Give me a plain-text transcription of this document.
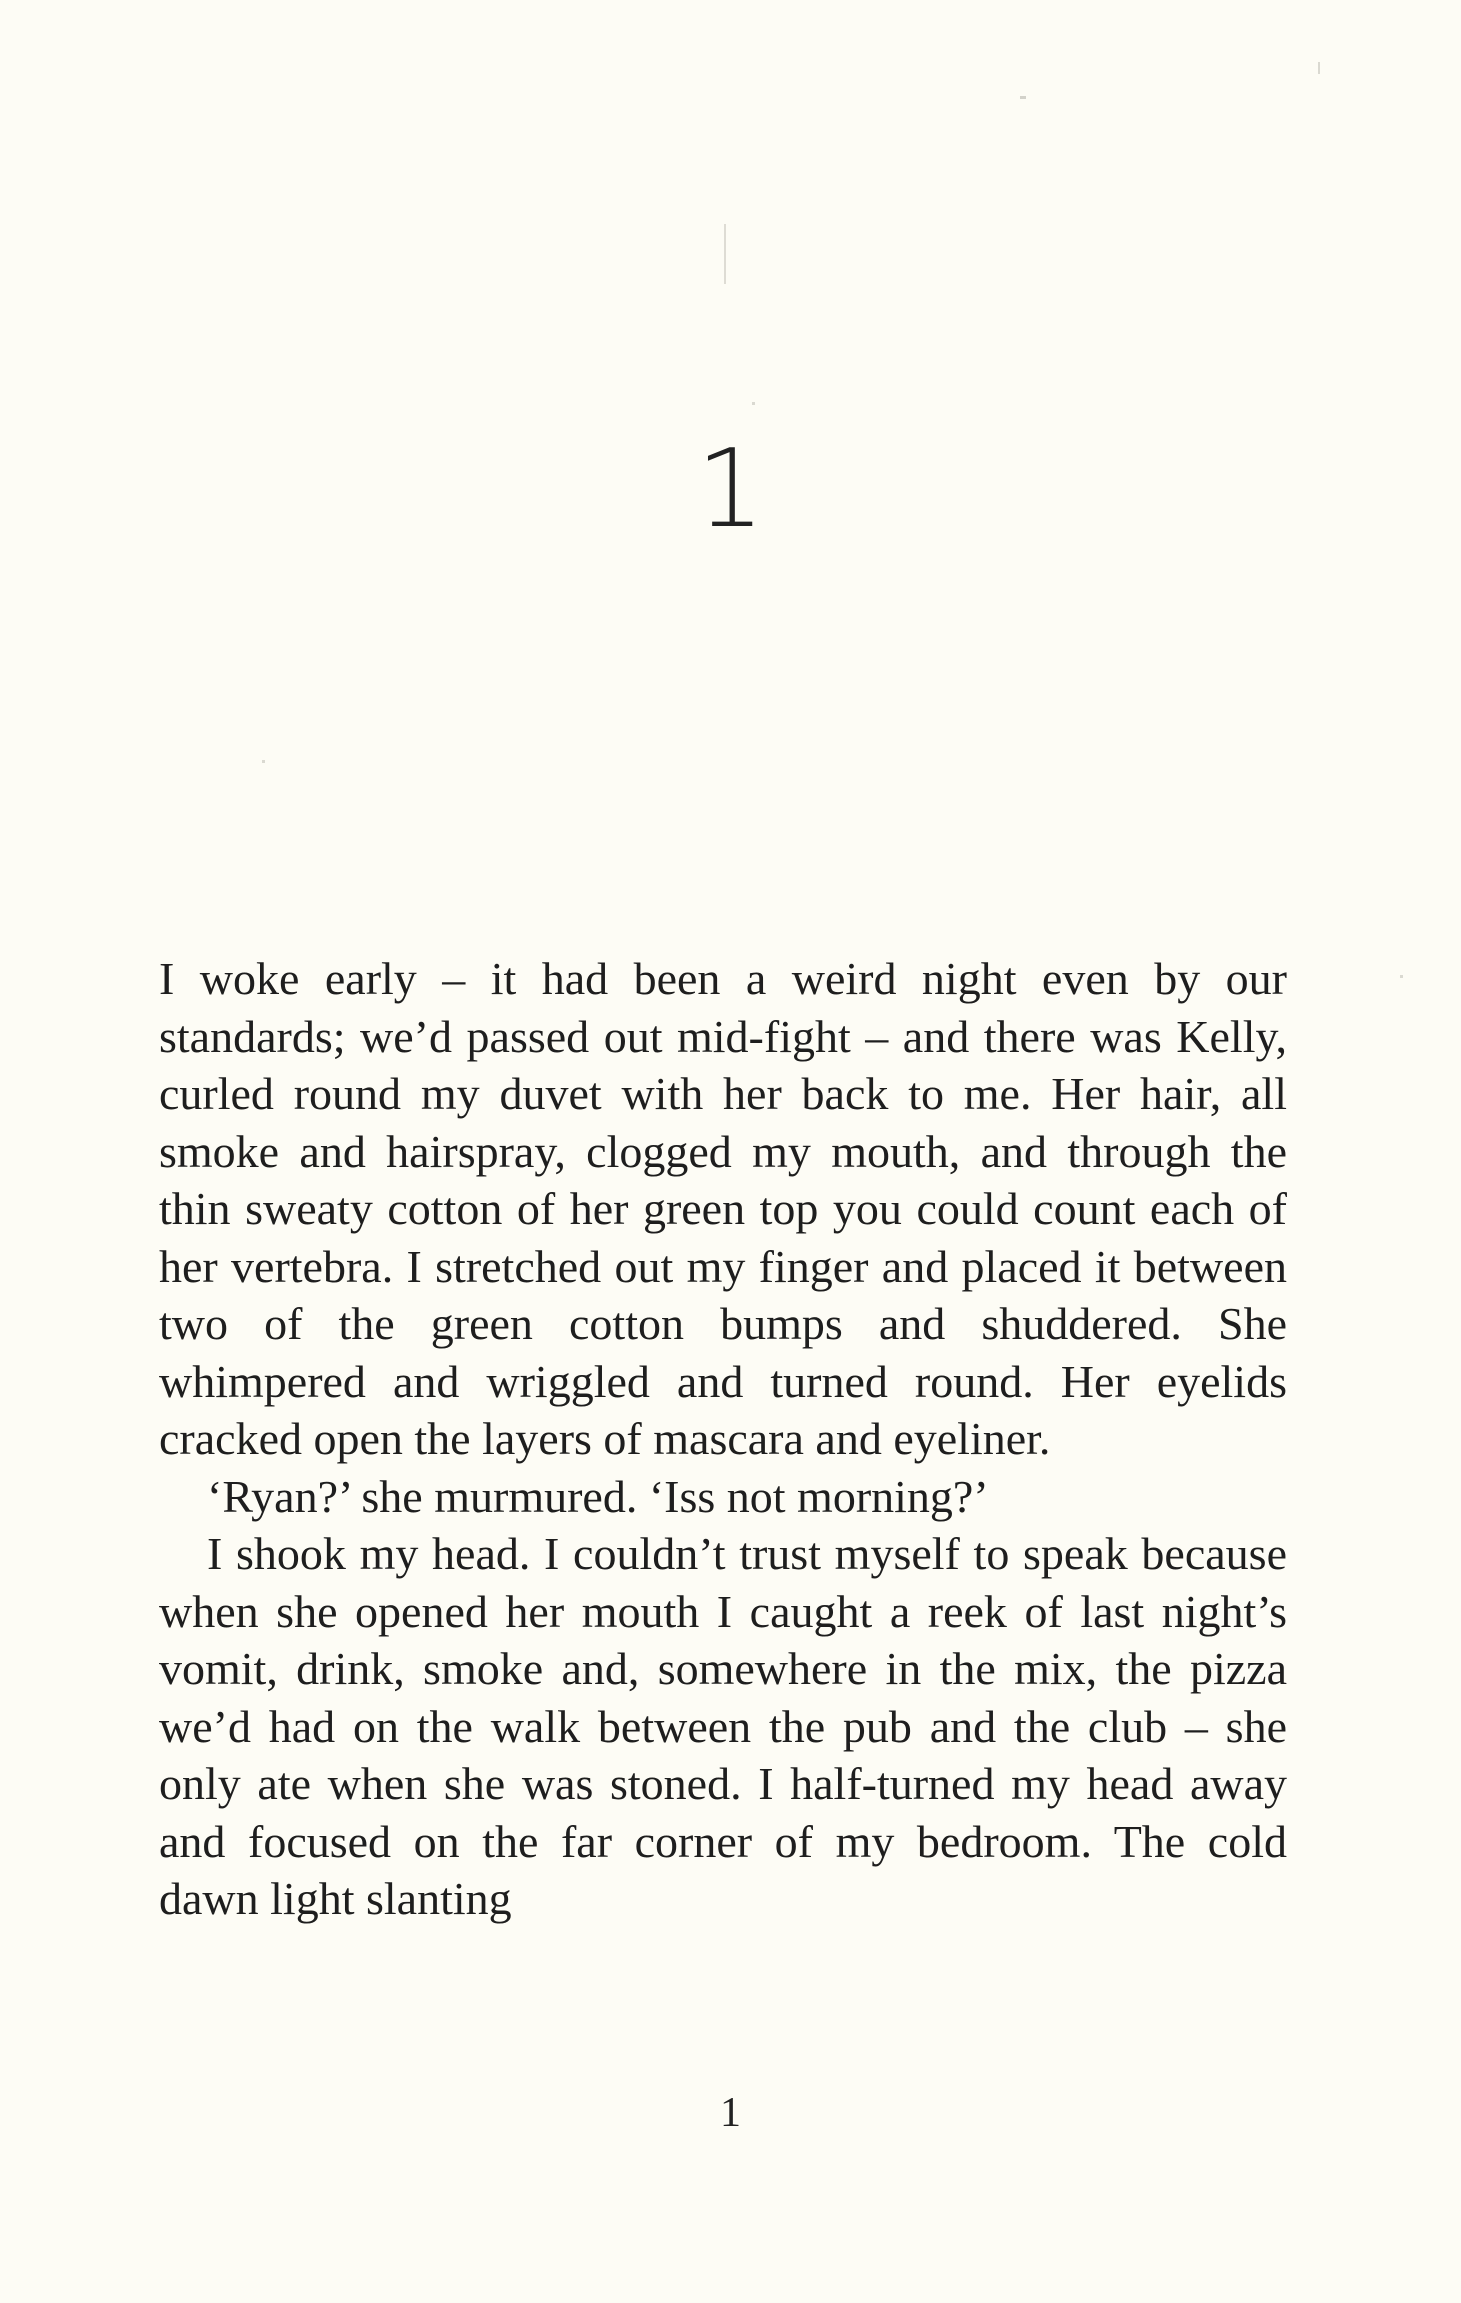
1

I woke early – it had been a weird night even by our standards; we’d passed out mid-fight – and there was Kelly, curled round my duvet with her back to me. Her hair, all smoke and hairspray, clogged my mouth, and through the thin sweaty cotton of her green top you could count each of her vertebra. I stretched out my finger and placed it between two of the green cotton bumps and shuddered. She whimpered and wriggled and turned round. Her eyelids cracked open the layers of mascara and eyeliner.

‘Ryan?’ she murmured. ‘Iss not morning?’

I shook my head. I couldn’t trust myself to speak because when she opened her mouth I caught a reek of last night’s vomit, drink, smoke and, somewhere in the mix, the pizza we’d had on the walk between the pub and the club – she only ate when she was stoned. I half-turned my head away and focused on the far corner of my bedroom. The cold dawn light slanting

1
